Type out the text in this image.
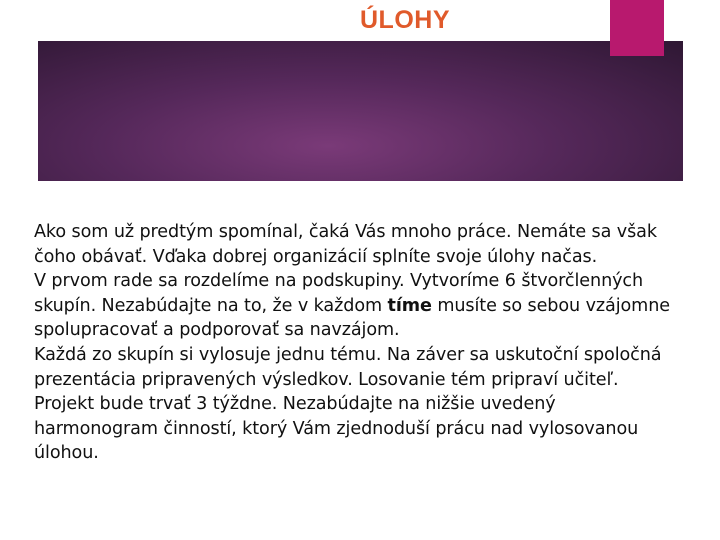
ÚLOHY
Ako som už predtým spomínal, čaká Vás mnoho práce. Nemáte sa však
čoho obávať. Vďaka dobrej organizácií splníte svoje úlohy načas.
V prvom rade sa rozdelíme na podskupiny. Vytvoríme 6 štvorčlenných
skupín. Nezabúdajte na to, že v každom tíme musíte so sebou vzájomne
spolupracovať a podporovať sa navzájom.
Každá zo skupín si vylosuje jednu tému. Na záver sa uskutoční spoločná
prezentácia pripravených výsledkov. Losovanie tém pripraví učiteľ.
Projekt bude trvať 3 týždne. Nezabúdajte na nižšie uvedený
harmonogram činností, ktorý Vám zjednoduší prácu nad vylosovanou
úlohou.
